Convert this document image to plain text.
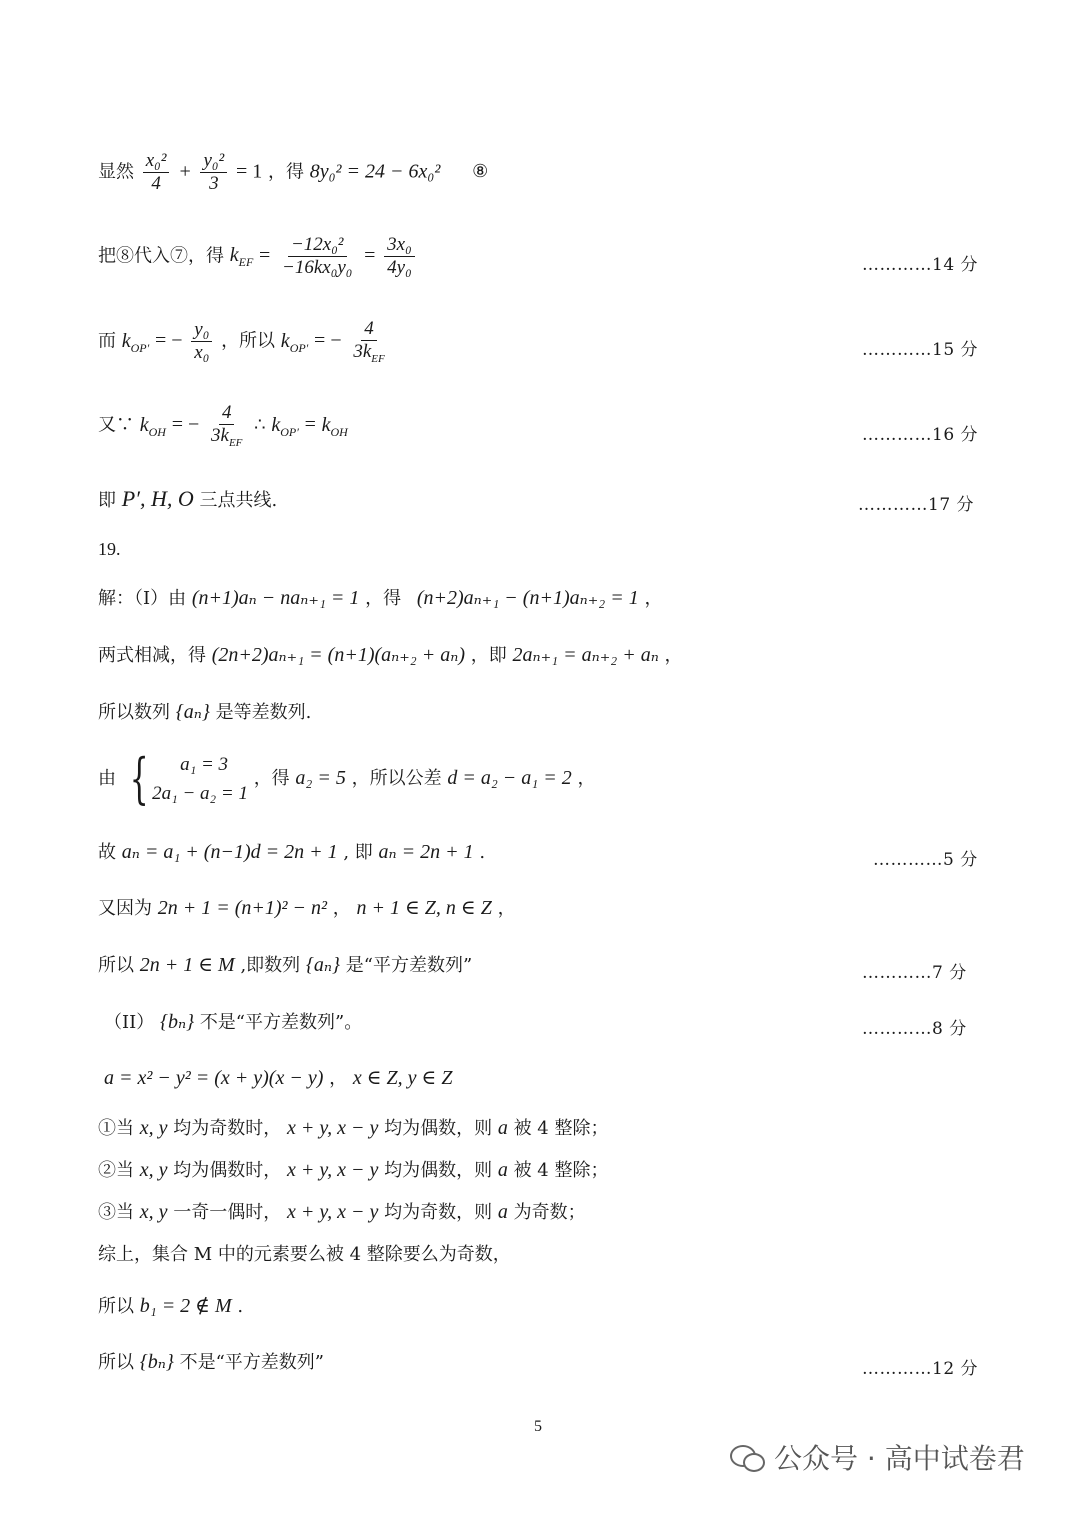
显然 $\frac{\text{x₀²}}{4} + \frac{\text{y₀²}}{3} = 1$ ，得 8y₀² = 24 − 6x₀² ⑧
把⑧代入⑦，得 $k_{EF} = \frac{\text{−12x₀²}}{\text{−16kx₀y₀}} = \frac{\text{3x₀}}{\text{4y₀}}$	…………14 分
而 $k_{OP'}$ = − $\frac{\text{y₀}}{\text{x₀}}$ ，所以 $k_{OP'}$ = − $\frac{4}{3k_{EF}}$	…………15 分
又∵ $k_{OH}$ = − $\frac{4}{3k_{EF}}$ ∴ $k_{OP'} = k_{OH}$	…………16 分
即 P′, H, O 三点共线.	…………17 分
19.
解：（I）由 (n+1)aₙ − naₙ₊₁ = 1 ，得 (n+2)aₙ₊₁ − (n+1)aₙ₊₂ = 1 ，
两式相减，得 (2n+2)aₙ₊₁ = (n+1)(aₙ₊₂ + aₙ) ，即 2aₙ₊₁ = aₙ₊₂ + aₙ ，
所以数列 {aₙ} 是等差数列.
由 {	a₁ = 3
2a₁ − a₂ = 1
，得 a₂ = 5 ，所以公差 d = a₂ − a₁ = 2 ，
故 aₙ = a₁ + (n−1)d = 2n + 1 , 即 aₙ = 2n + 1 .	…………5 分
又因为 2n + 1 = (n+1)² − n² ， n + 1 ∈ Z, n ∈ Z ，
所以 2n + 1 ∈ M ,即数列 {aₙ} 是“平方差数列”	…………7 分
（II） {bₙ} 不是“平方差数列”。	…………8 分
a = x² − y² = (x + y)(x − y) ， x ∈ Z, y ∈ Z
①当 x, y 均为奇数时， x + y, x − y 均为偶数，则 a 被 4 整除；
②当 x, y 均为偶数时， x + y, x − y 均为偶数，则 a 被 4 整除；
③当 x, y 一奇一偶时， x + y, x − y 均为奇数，则 a 为奇数；
综上，集合 M 中的元素要么被 4 整除要么为奇数，
所以 b₁ = 2 ∉ M .
所以 {bₙ} 不是“平方差数列”	…………12 分
5
公众号 · 高中试卷君
